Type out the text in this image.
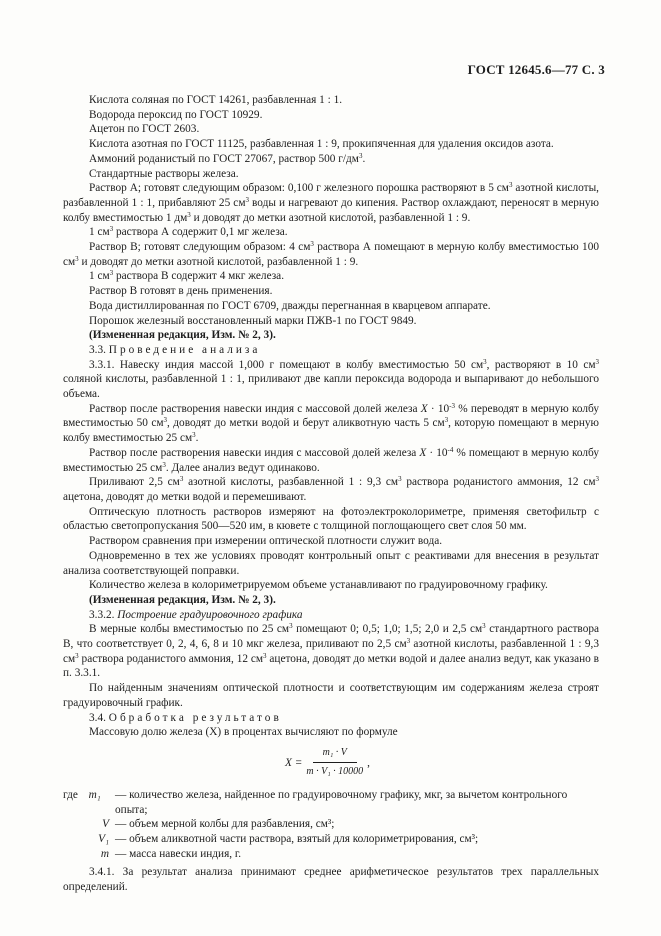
ГОСТ 12645.6—77 С. 3

Кислота соляная по ГОСТ 14261, разбавленная 1 : 1.

Водорода пероксид по ГОСТ 10929.

Ацетон по ГОСТ 2603.

Кислота азотная по ГОСТ 11125, разбавленная 1 : 9, прокипяченная для удаления оксидов азота.

Аммоний роданистый по ГОСТ 27067, раствор 500 $г/дм^3$.

Стандартные растворы железа.

Раствор А; готовят следующим образом: 0,100 г железного порошка растворяют в 5 $см^3$ азотной кислоты, разбавленной 1 : 1, прибавляют 25 $см^3$ воды и нагревают до кипения. Раствор охлаждают, переносят в мерную колбу вместимостью 1 $дм^3$ и доводят до метки азотной кислотой, разбавленной 1 : 9.

1 $см^3$ раствора А содержит 0,1 мг железа.

Раствор В; готовят следующим образом: 4 $см^3$ раствора А помещают в мерную колбу вместимостью 100 $см^3$ и доводят до метки азотной кислотой, разбавленной 1 : 9.

1 $см^3$ раствора В содержит 4 мкг железа.

Раствор В готовят в день применения.

Вода дистиллированная по ГОСТ 6709, дважды перегнанная в кварцевом аппарате.

Порошок железный восстановленный марки ПЖВ-1 по ГОСТ 9849.

(Измененная редакция, Изм. № 2, 3).

3.3. Проведение анализа

3.3.1. Навеску индия массой 1,000 г помещают в колбу вместимостью 50 $см^3$, растворяют в 10 $см^3$ соляной кислоты, разбавленной 1 : 1, приливают две капли пероксида водорода и выпаривают до небольшого объема.

Раствор после растворения навески индия с массовой долей железа $X \cdot 10^{-3}$ % переводят в мерную колбу вместимостью 50 $см^3$, доводят до метки водой и берут аликвотную часть 5 $см^3$, которую помещают в мерную колбу вместимостью 25 $см^3$.

Раствор после растворения навески индия с массовой долей железа $X \cdot 10^{-4}$ % помещают в мерную колбу вместимостью 25 $см^3$. Далее анализ ведут одинаково.

Приливают 2,5 $см^3$ азотной кислоты, разбавленной 1 : 9,3 $см^3$ раствора роданистого аммония, 12 $см^3$ ацетона, доводят до метки водой и перемешивают.

Оптическую плотность растворов измеряют на фотоэлектроколориметре, применяя светофильтр с областью светопропускания 500—520 им, в кювете с толщиной поглощающего свет слоя 50 мм.

Раствором сравнения при измерении оптической плотности служит вода.

Одновременно в тех же условиях проводят контрольный опыт с реактивами для внесения в результат анализа соответствующей поправки.

Количество железа в колориметрируемом объеме устанавливают по градуировочному графику.

(Измененная редакция, Изм. № 2, 3).

3.3.2. Построение градуировочного графика

В мерные колбы вместимостью по 25 $см^3$ помещают 0; 0,5; 1,0; 1,5; 2,0 и 2,5 $см^3$ стандартного раствора В, что соответствует 0, 2, 4, 6, 8 и 10 мкг железа, приливают по 2,5 $см^3$ азотной кислоты, разбавленной 1 : 9,3 $см^3$ раствора роданистого аммония, 12 $см^3$ ацетона, доводят до метки водой и далее анализ ведут, как указано в п. 3.3.1.

По найденным значениям оптической плотности и соответствующим им содержаниям железа строят градуировочный график.

3.4. Обработка результатов

Массовую долю железа (X) в процентах вычисляют по формуле

$X = \frac{\text{m₁ · V}}{\text{m · V₁ · 10000}}$ ,
где m₁	— количество железа, найденное по градуировочному графику, мкг, за вычетом контрольного опыта;
V — объем мерной колбы для разбавления, см³;
V₁ — объем аликвотной части раствора, взятый для колориметрирования, см³;
m — масса навески индия, г.

3.4.1. За результат анализа принимают среднее арифметическое результатов трех параллельных определений.
